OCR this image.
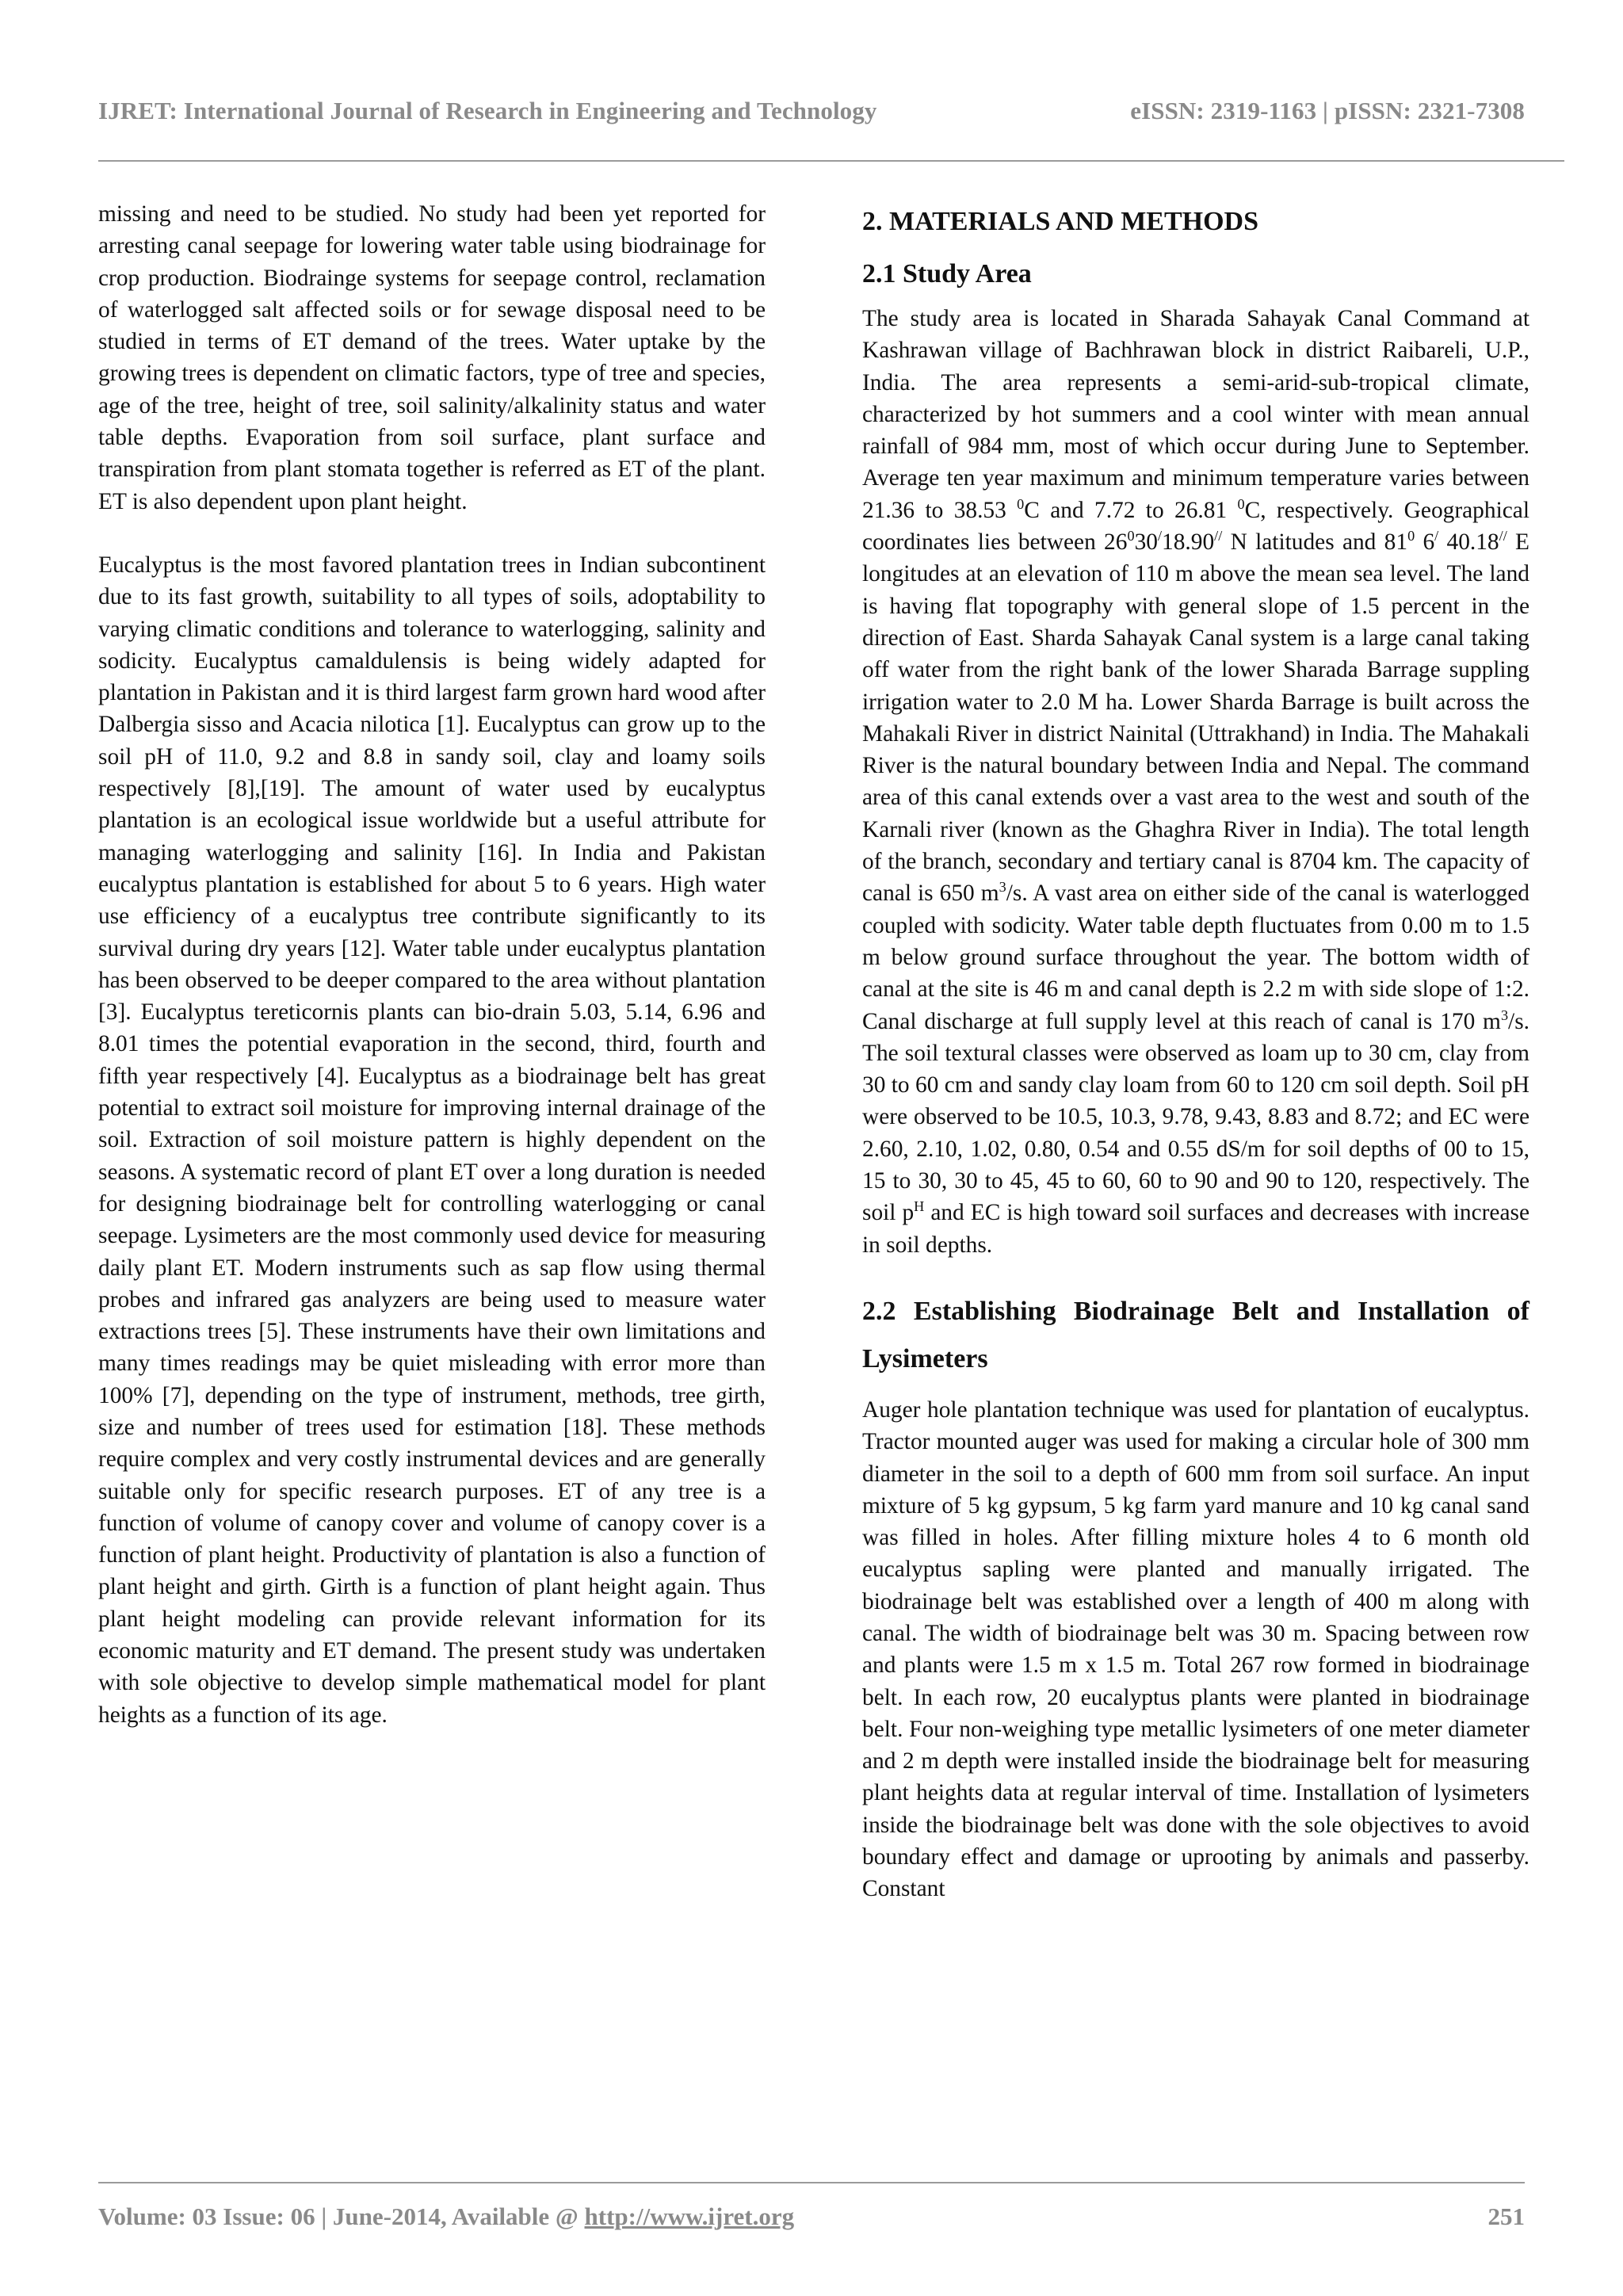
IJRET: International Journal of Research in Engineering and Technology	eISSN: 2319-1163 | pISSN: 2321-7308

missing and need to be studied. No study had been yet reported for arresting canal seepage for lowering water table using biodrainage for crop production. Biodrainge systems for seepage control, reclamation of waterlogged salt affected soils or for sewage disposal need to be studied in terms of ET demand of the trees. Water uptake by the growing trees is dependent on climatic factors, type of tree and species, age of the tree, height of tree, soil salinity/alkalinity status and water table depths. Evaporation from soil surface, plant surface and transpiration from plant stomata together is referred as ET of the plant. ET is also dependent upon plant height.

Eucalyptus is the most favored plantation trees in Indian subcontinent due to its fast growth, suitability to all types of soils, adoptability to varying climatic conditions and tolerance to waterlogging, salinity and sodicity. Eucalyptus camaldulensis is being widely adapted for plantation in Pakistan and it is third largest farm grown hard wood after Dalbergia sisso and Acacia nilotica [1]. Eucalyptus can grow up to the soil pH of 11.0, 9.2 and 8.8 in sandy soil, clay and loamy soils respectively [8],[19]. The amount of water used by eucalyptus plantation is an ecological issue worldwide but a useful attribute for managing waterlogging and salinity [16]. In India and Pakistan eucalyptus plantation is established for about 5 to 6 years. High water use efficiency of a eucalyptus tree contribute significantly to its survival during dry years [12]. Water table under eucalyptus plantation has been observed to be deeper compared to the area without plantation [3]. Eucalyptus tereticornis plants can bio-drain 5.03, 5.14, 6.96 and 8.01 times the potential evaporation in the second, third, fourth and fifth year respectively [4]. Eucalyptus as a biodrainage belt has great potential to extract soil moisture for improving internal drainage of the soil. Extraction of soil moisture pattern is highly dependent on the seasons. A systematic record of plant ET over a long duration is needed for designing biodrainage belt for controlling waterlogging or canal seepage. Lysimeters are the most commonly used device for measuring daily plant ET. Modern instruments such as sap flow using thermal probes and infrared gas analyzers are being used to measure water extractions trees [5]. These instruments have their own limitations and many times readings may be quiet misleading with error more than 100% [7], depending on the type of instrument, methods, tree girth, size and number of trees used for estimation [18]. These methods require complex and very costly instrumental devices and are generally suitable only for specific research purposes. ET of any tree is a function of volume of canopy cover and volume of canopy cover is a function of plant height. Productivity of plantation is also a function of plant height and girth. Girth is a function of plant height again. Thus plant height modeling can provide relevant information for its economic maturity and ET demand. The present study was undertaken with sole objective to develop simple mathematical model for plant heights as a function of its age.

2. MATERIALS AND METHODS
2.1 Study Area

The study area is located in Sharada Sahayak Canal Command at Kashrawan village of Bachhrawan block in district Raibareli, U.P., India. The area represents a semi-arid-sub-tropical climate, characterized by hot summers and a cool winter with mean annual rainfall of 984 mm, most of which occur during June to September. Average ten year maximum and minimum temperature varies between 21.36 to 38.53 $^0$C and 7.72 to 26.81 $^0$C, respectively. Geographical coordinates lies between $26^030^/18.90^{//}$ N latitudes and $81^0$ 6/ 40.18// E longitudes at an elevation of 110 m above the mean sea level. The land is having flat topography with general slope of 1.5 percent in the direction of East. Sharda Sahayak Canal system is a large canal taking off water from the right bank of the lower Sharada Barrage suppling irrigation water to 2.0 M ha. Lower Sharda Barrage is built across the Mahakali River in district Nainital (Uttrakhand) in India. The Mahakali River is the natural boundary between India and Nepal. The command area of this canal extends over a vast area to the west and south of the Karnali river (known as the Ghaghra River in India). The total length of the branch, secondary and tertiary canal is 8704 km. The capacity of canal is 650 $m^3/s$. A vast area on either side of the canal is waterlogged coupled with sodicity. Water table depth fluctuates from 0.00 m to 1.5 m below ground surface throughout the year. The bottom width of canal at the site is 46 m and canal depth is 2.2 m with side slope of 1:2. Canal discharge at full supply level at this reach of canal is 170 $m^3/s$. The soil textural classes were observed as loam up to 30 cm, clay from 30 to 60 cm and sandy clay loam from 60 to 120 cm soil depth. Soil pH were observed to be 10.5, 10.3, 9.78, 9.43, 8.83 and 8.72; and EC were 2.60, 2.10, 1.02, 0.80, 0.54 and 0.55 dS/m for soil depths of 00 to 15, 15 to 30, 30 to 45, 45 to 60, 60 to 90 and 90 to 120, respectively. The soil $p^H$ and EC is high toward soil surfaces and decreases with increase in soil depths.

2.2 Establishing Biodrainage Belt and Installation of Lysimeters

Auger hole plantation technique was used for plantation of eucalyptus. Tractor mounted auger was used for making a circular hole of 300 mm diameter in the soil to a depth of 600 mm from soil surface. An input mixture of 5 kg gypsum, 5 kg farm yard manure and 10 kg canal sand was filled in holes. After filling mixture holes 4 to 6 month old eucalyptus sapling were planted and manually irrigated. The biodrainage belt was established over a length of 400 m along with canal. The width of biodrainage belt was 30 m. Spacing between row and plants were 1.5 m x 1.5 m. Total 267 row formed in biodrainage belt. In each row, 20 eucalyptus plants were planted in biodrainage belt. Four non-weighing type metallic lysimeters of one meter diameter and 2 m depth were installed inside the biodrainage belt for measuring plant heights data at regular interval of time. Installation of lysimeters inside the biodrainage belt was done with the sole objectives to avoid boundary effect and damage or uprooting by animals and passerby. Constant

Volume: 03 Issue: 06 | June-2014, Available @ http://www.ijret.org	251
